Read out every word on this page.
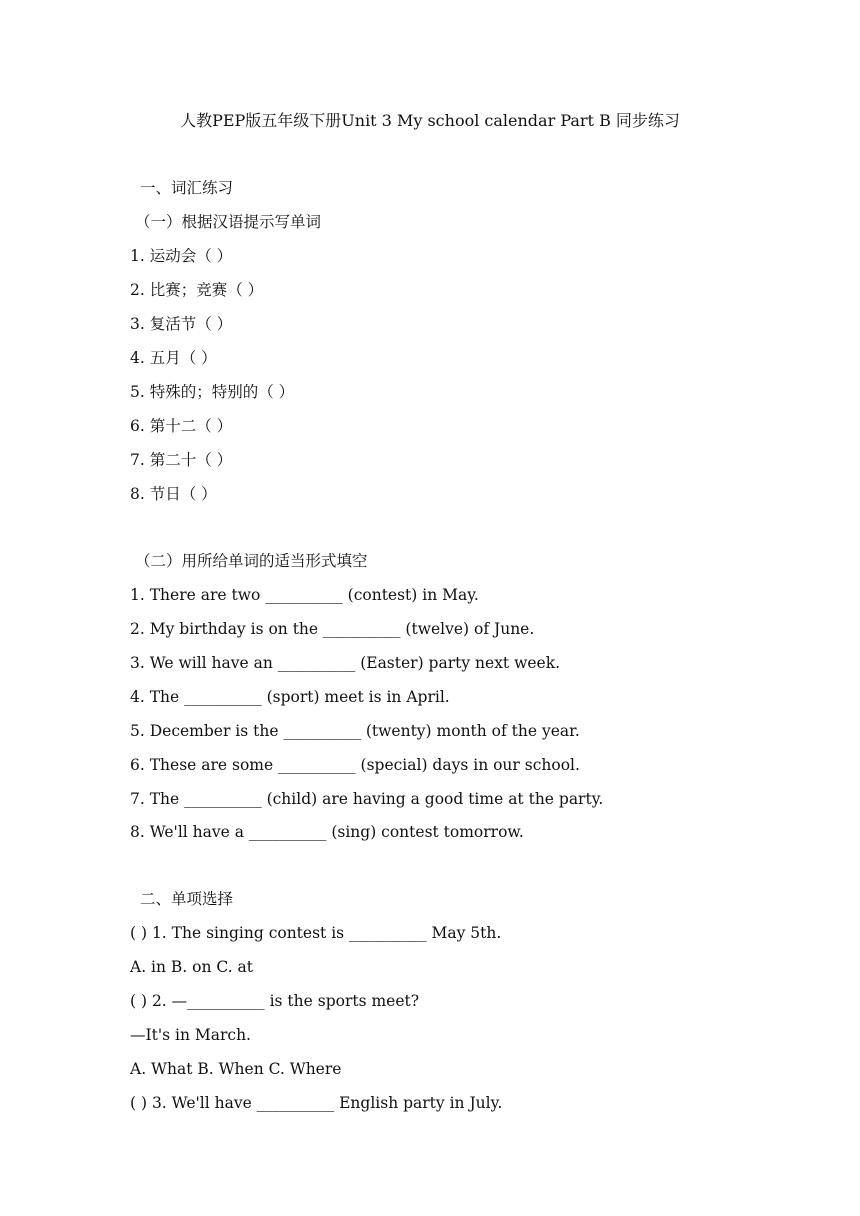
人教PEP版五年级下册Unit 3 My school calendar Part B 同步练习
一、词汇练习
（一）根据汉语提示写单词
1. 运动会（ ）
2. 比赛；竞赛（ ）
3. 复活节（ ）
4. 五月（ ）
5. 特殊的；特别的（ ）
6. 第十二（ ）
7. 第二十（ ）
8. 节日（ ）
（二）用所给单词的适当形式填空
1. There are two __________ (contest) in May.
2. My birthday is on the __________ (twelve) of June.
3. We will have an __________ (Easter) party next week.
4. The __________ (sport) meet is in April.
5. December is the __________ (twenty) month of the year.
6. These are some __________ (special) days in our school.
7. The __________ (child) are having a good time at the party.
8. We'll have a __________ (sing) contest tomorrow.
二、单项选择
( ) 1. The singing contest is __________ May 5th.
A. in B. on C. at
( ) 2. —__________ is the sports meet?
—It's in March.
A. What B. When C. Where
( ) 3. We'll have __________ English party in July.
